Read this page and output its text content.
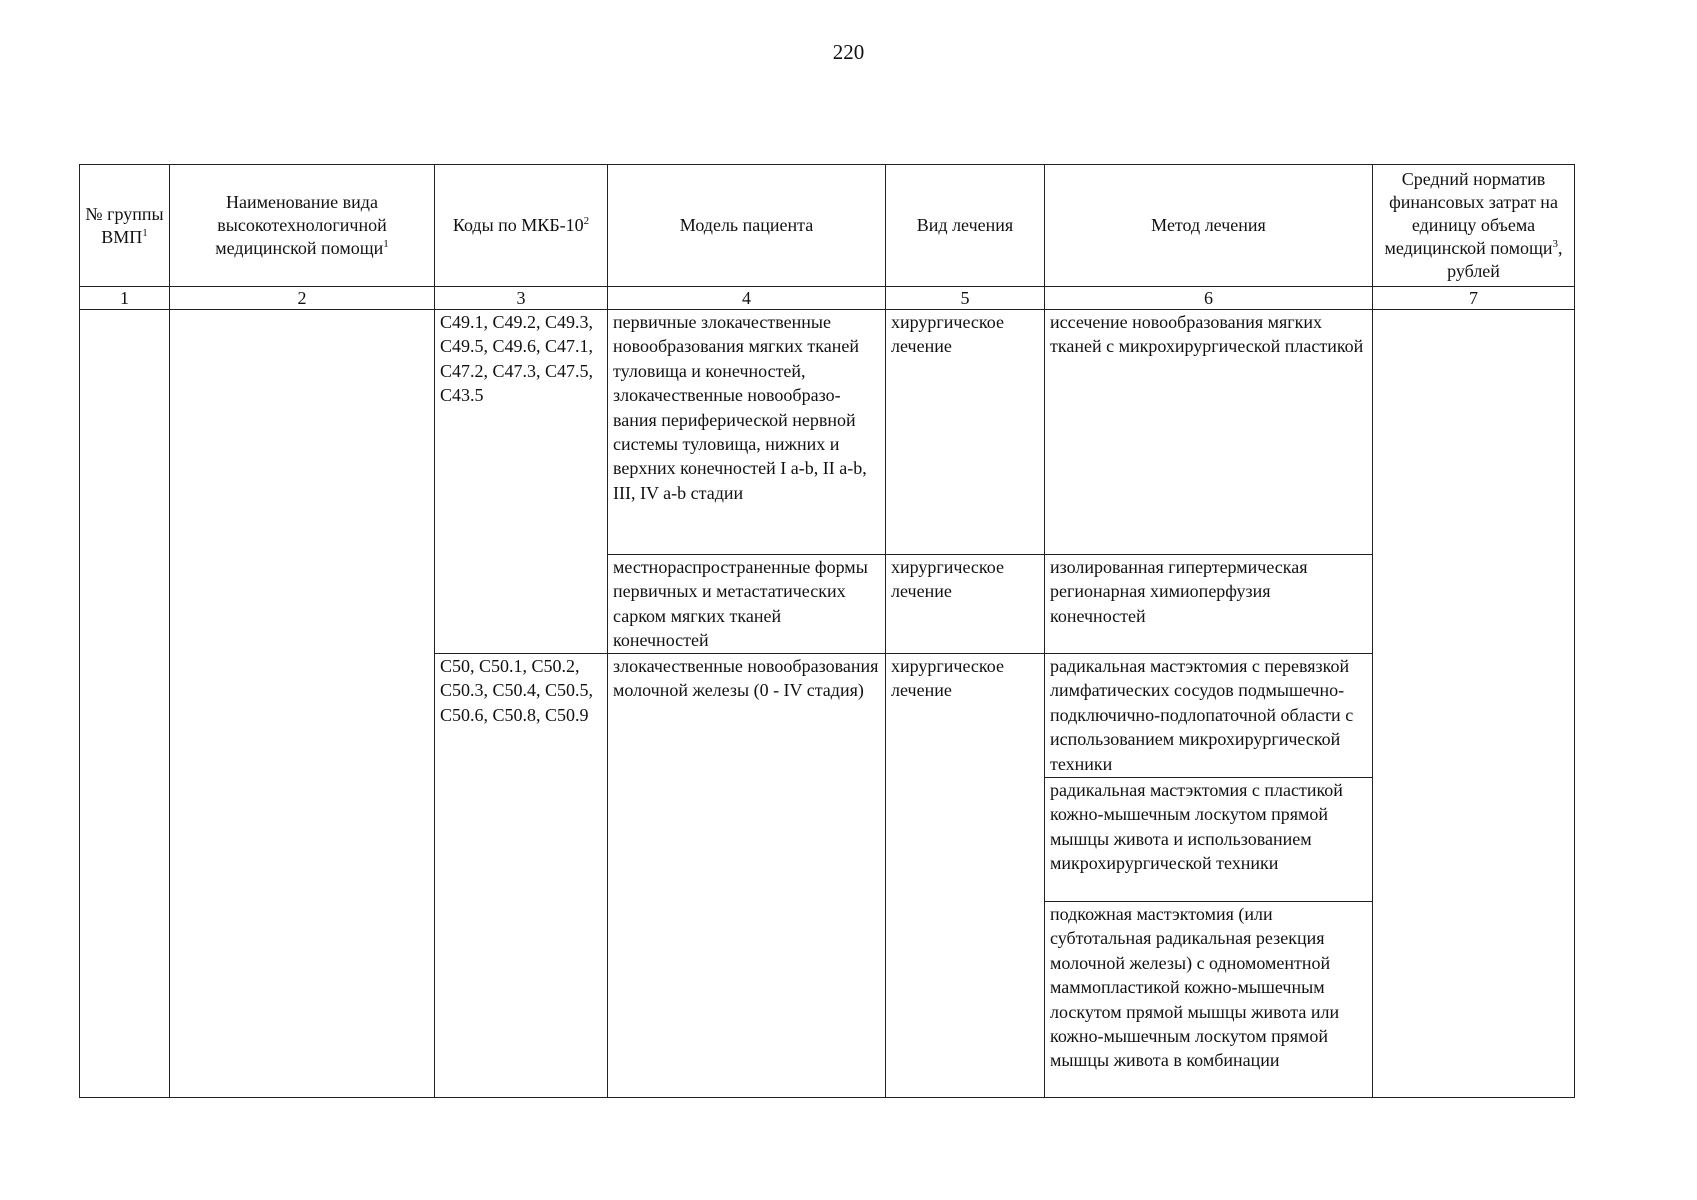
220
№ группы ВМП$^1$	Наименование вида высокотехнологичной медицинской помощи$^1$	Коды по МКБ-$10^2$	Модель пациента	Вид лечения	Метод лечения	Средний норматив финансовых затрат на единицу объема медицинской помощи$^3$, рублей
1	2	3	4	5	6	7
		C49.1, C49.2, C49.3, C49.5, C49.6, C47.1, C47.2, C47.3, C47.5, C43.5	первичные злокачественные новообразования мягких тканей туловища и конечностей, злокачественные новообразо-вания периферической нервной системы туловища, нижних и верхних конечностей I a-b, II a-b, III, IV a-b стадии	хирургическое лечение	иссечение новообразования мягких тканей с микрохирургической пластикой	
			местнораспространенные формы первичных и метастатических сарком мягких тканей конечностей	хирургическое лечение	изолированная гипертермическая регионарная химиоперфузия конечностей	
		C50, C50.1, C50.2, C50.3, C50.4, C50.5, C50.6, C50.8, C50.9	злокачественные новообразования молочной железы (0 - IV стадия)	хирургическое лечение	радикальная мастэктомия с перевязкой лимфатических сосудов подмышечно-подключично-подлопаточной области с использованием микрохирургической техники	
					радикальная мастэктомия с пластикой кожно-мышечным лоскутом прямой мышцы живота и использованием микрохирургической техники	
					подкожная мастэктомия (или субтотальная радикальная резекция молочной железы) с одномоментной маммопластикой кожно-мышечным лоскутом прямой мышцы живота или кожно-мышечным лоскутом прямой мышцы живота в комбинации	
